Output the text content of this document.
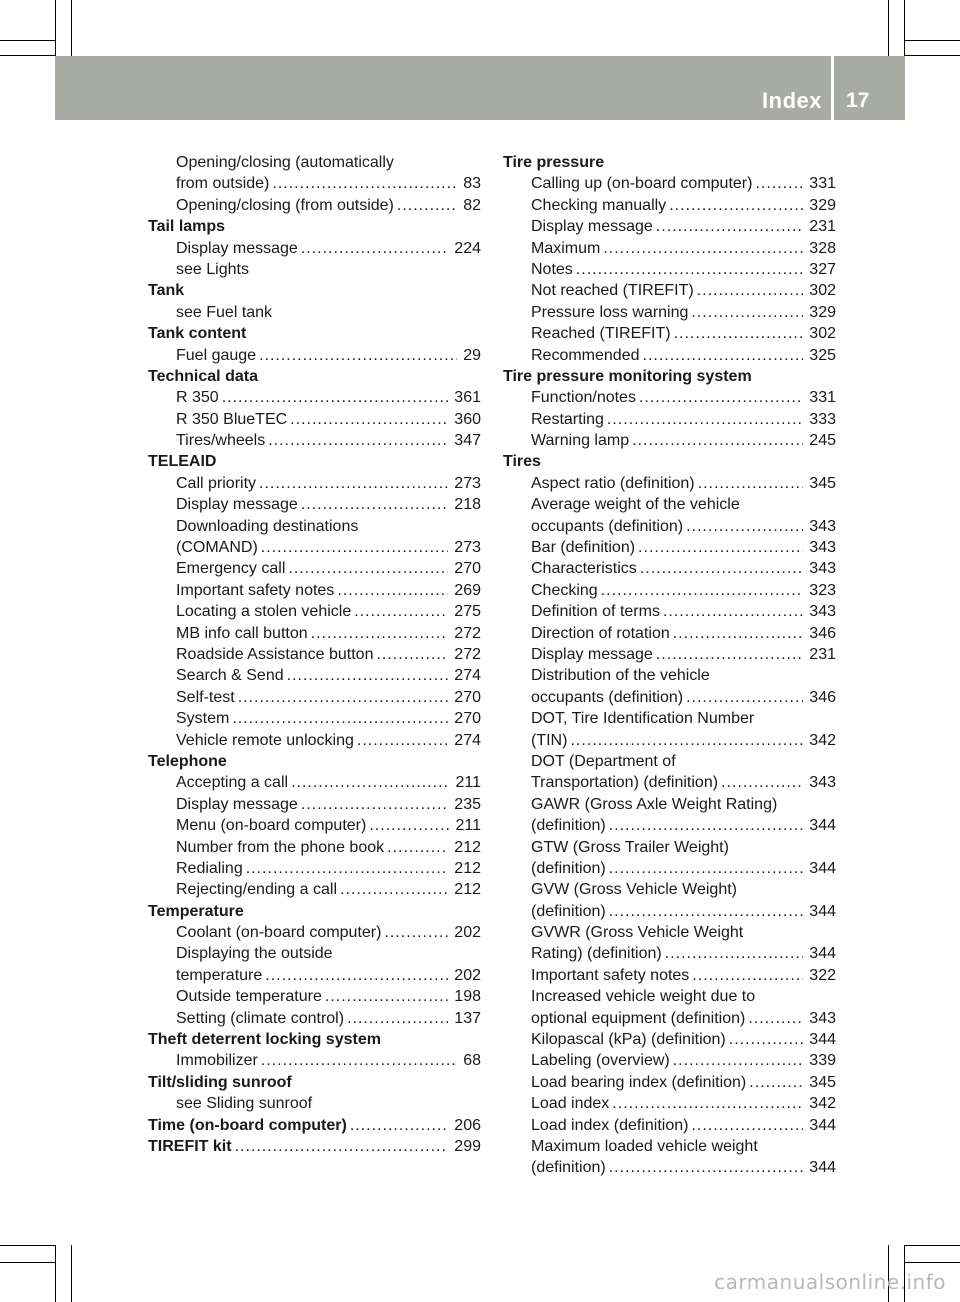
Index 17
Opening/closing (automatically
from outside) .....	83
Opening/closing (from outside) .....	82
Tail lamps
Display message .....	224
see Lights
Tank
see Fuel tank
Tank content
Fuel gauge .....	29
Technical data
R 350 .....	361
R 350 BlueTEC .....	360
Tires/wheels .....	347
TELEAID
Call priority .....	273
Display message .....	218
Downloading destinations
(COMAND) .....	273
Emergency call .....	270
Important safety notes .....	269
Locating a stolen vehicle .....	275
MB info call button .....	272
Roadside Assistance button .....	272
Search & Send .....	274
Self-test .....	270
System .....	270
Vehicle remote unlocking .....	274
Telephone
Accepting a call .....	211
Display message .....	235
Menu (on-board computer) .....	211
Number from the phone book .....	212
Redialing .....	212
Rejecting/ending a call .....	212
Temperature
Coolant (on-board computer) .....	202
Displaying the outside
temperature .....	202
Outside temperature .....	198
Setting (climate control) .....	137
Theft deterrent locking system
Immobilizer .....	68
Tilt/sliding sunroof
see Sliding sunroof
Time (on-board computer) .....	206
TIREFIT kit .....	299
Tire pressure
Calling up (on-board computer) .....	331
Checking manually .....	329
Display message .....	231
Maximum .....	328
Notes .....	327
Not reached (TIREFIT) .....	302
Pressure loss warning .....	329
Reached (TIREFIT) .....	302
Recommended .....	325
Tire pressure monitoring system
Function/notes .....	331
Restarting .....	333
Warning lamp .....	245
Tires
Aspect ratio (definition) .....	345
Average weight of the vehicle
occupants (definition) .....	343
Bar (definition) .....	343
Characteristics .....	343
Checking .....	323
Definition of terms .....	343
Direction of rotation .....	346
Display message .....	231
Distribution of the vehicle
occupants (definition) .....	346
DOT, Tire Identification Number
(TIN) .....	342
DOT (Department of
Transportation) (definition) .....	343
GAWR (Gross Axle Weight Rating)
(definition) .....	344
GTW (Gross Trailer Weight)
(definition) .....	344
GVW (Gross Vehicle Weight)
(definition) .....	344
GVWR (Gross Vehicle Weight
Rating) (definition) .....	344
Important safety notes .....	322
Increased vehicle weight due to
optional equipment (definition) .....	343
Kilopascal (kPa) (definition) .....	344
Labeling (overview) .....	339
Load bearing index (definition) .....	345
Load index .....	342
Load index (definition) .....	344
Maximum loaded vehicle weight
(definition) .....	344
carmanualsonline.info
